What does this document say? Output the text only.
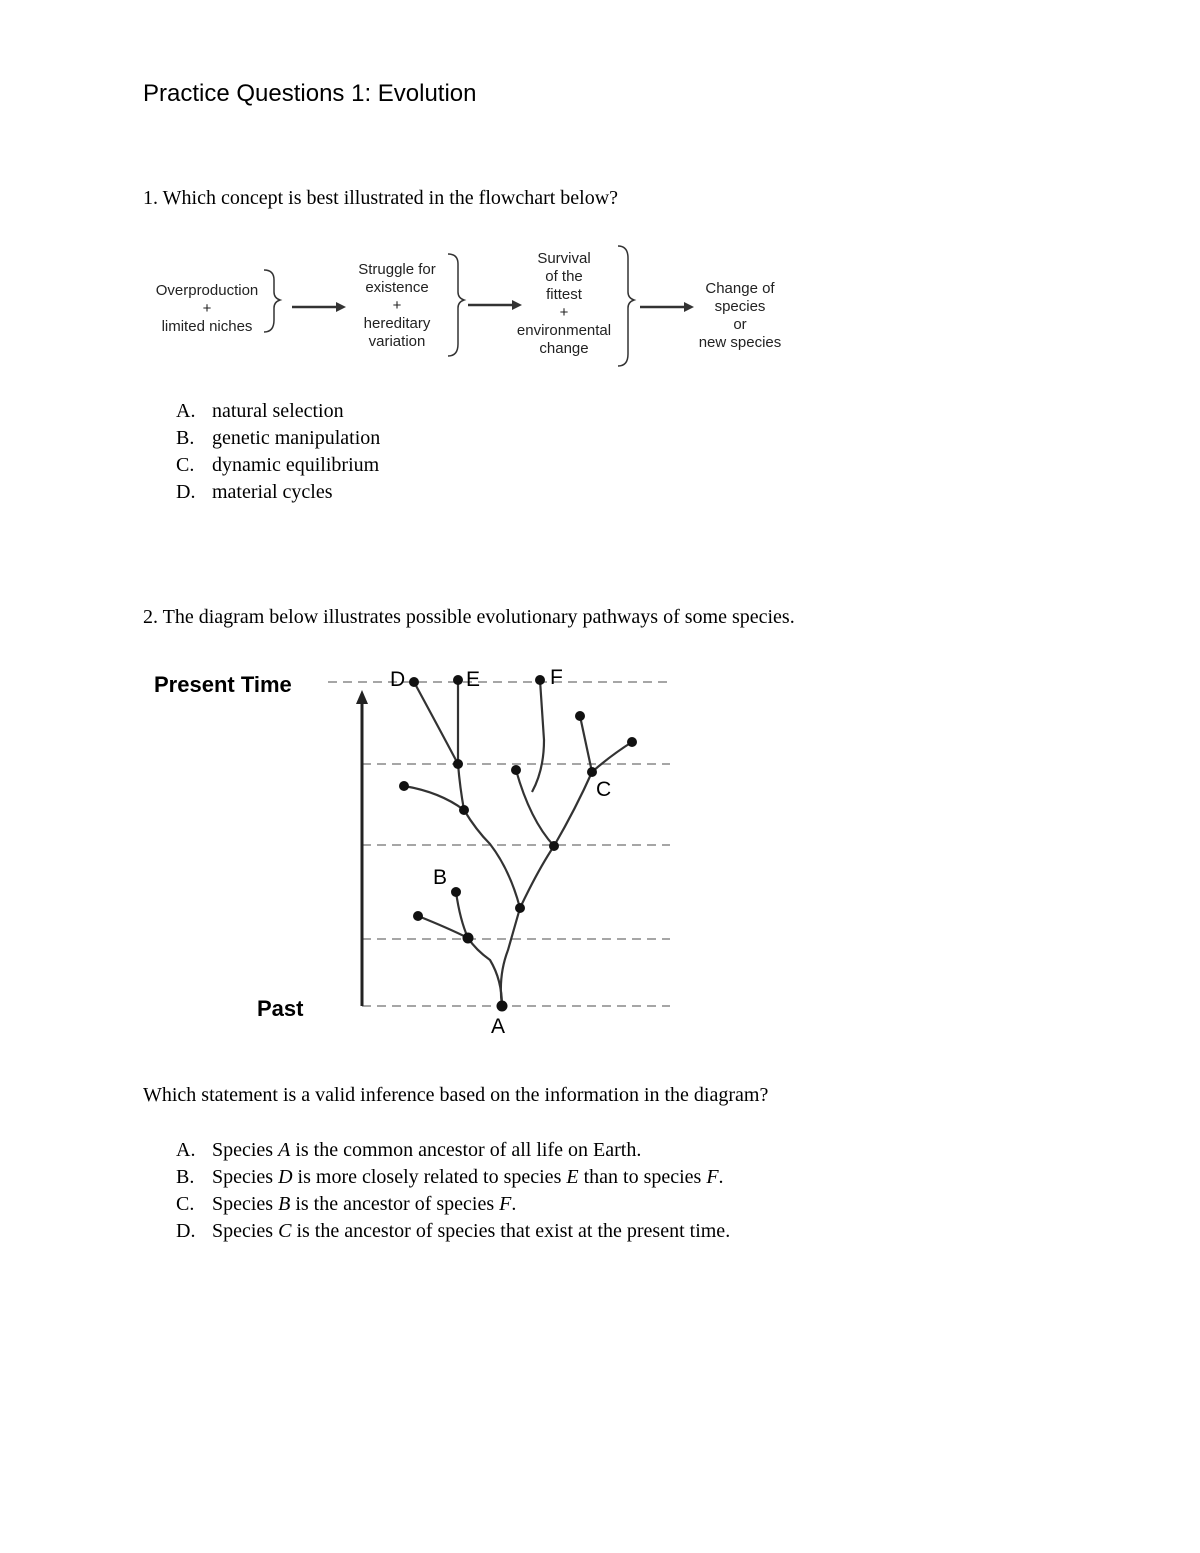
Practice Questions 1: Evolution
1. Which concept is best illustrated in the flowchart below?
Overproduction
+
limited niches
Struggle for
existence
+
hereditary
variation
Survival
of the
fittest
+
environmental
change
Change of
species
or
new species
A. natural selection
B. genetic manipulation
C. dynamic equilibrium
D. material cycles
2. The diagram below illustrates possible evolutionary pathways of some species.
Present Time
Past
A
B
C
D	E	F
Which statement is a valid inference based on the information in the diagram?
A. Species A is the common ancestor of all life on Earth.
B. Species D is more closely related to species E than to species F.
C. Species B is the ancestor of species F.
D. Species C is the ancestor of species that exist at the present time.
